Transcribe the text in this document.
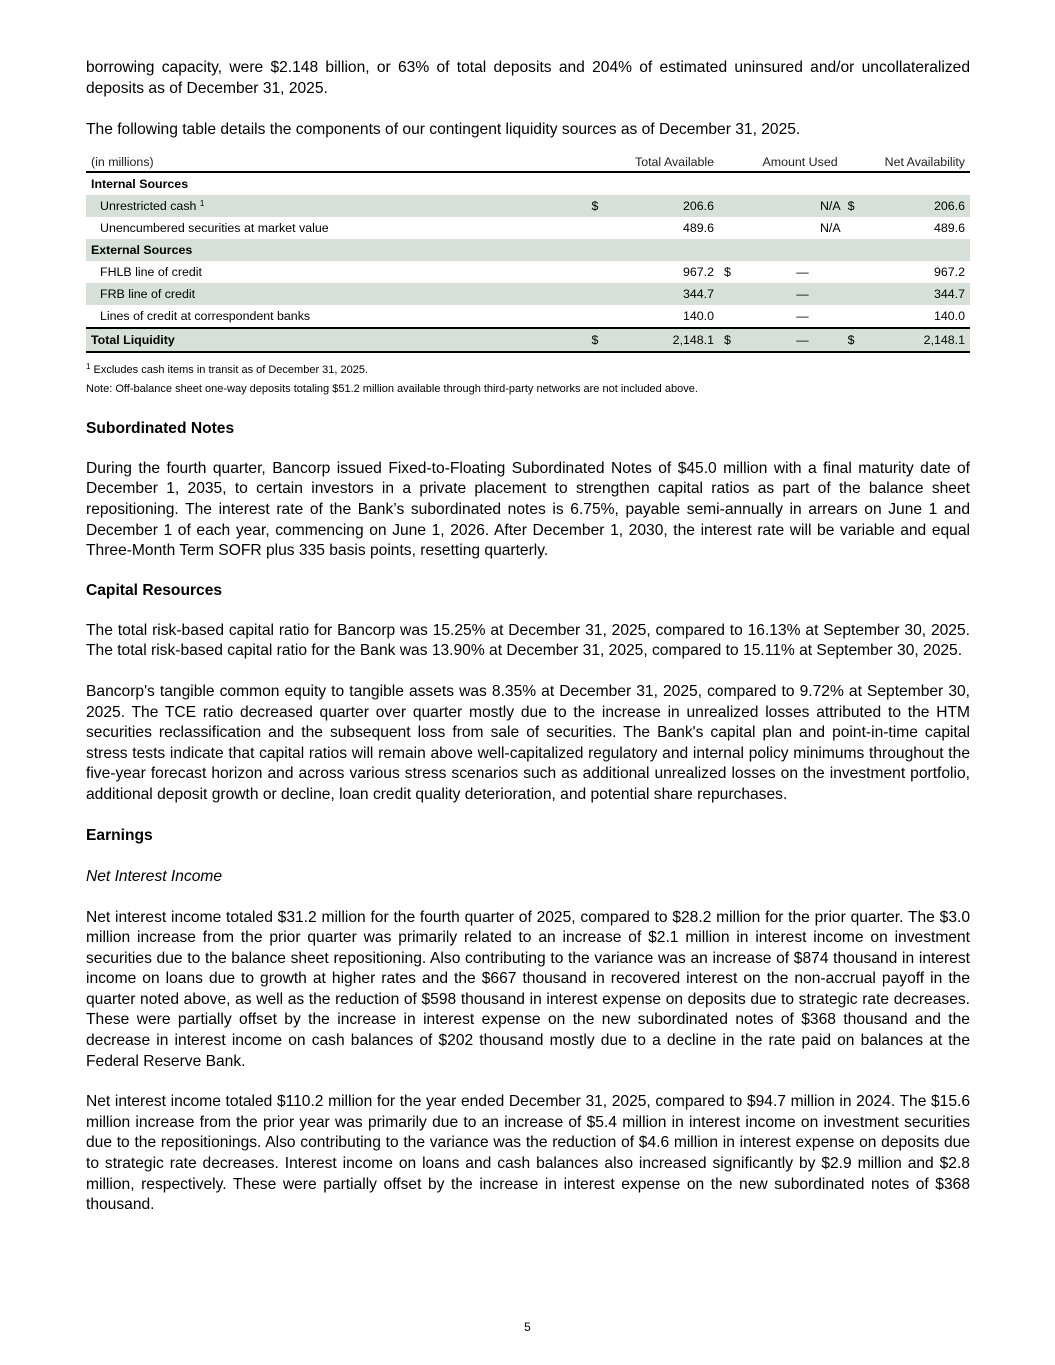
borrowing capacity, were $2.148 billion, or 63% of total deposits and 204% of estimated uninsured and/or uncollateralized deposits as of December 31, 2025.

The following table details the components of our contingent liquidity sources as of December 31, 2025.

(in millions)		Total Available		Amount Used	Net Availability	
Internal Sources						
Unrestricted cash $^1$	$	206.6		N/A	$	206.6
Unencumbered securities at market value		489.6		N/A		489.6
External Sources						
FHLB line of credit		967.2	$	—		967.2
FRB line of credit		344.7		—		344.7
Lines of credit at correspondent banks		140.0		—		140.0
Total Liquidity	$	2,148.1	$	—	$	2,148.1
$^1$ Excludes cash items in transit as of December 31, 2025.
Note: Off-balance sheet one-way deposits totaling $51.2 million available through third-party networks are not included above.
Subordinated Notes

During the fourth quarter, Bancorp issued Fixed-to-Floating Subordinated Notes of $45.0 million with a final maturity date of December 1, 2035, to certain investors in a private placement to strengthen capital ratios as part of the balance sheet repositioning. The interest rate of the Bank’s subordinated notes is 6.75%, payable semi-annually in arrears on June 1 and December 1 of each year, commencing on June 1, 2026. After December 1, 2030, the interest rate will be variable and equal Three-Month Term SOFR plus 335 basis points, resetting quarterly.

Capital Resources

The total risk-based capital ratio for Bancorp was 15.25% at December 31, 2025, compared to 16.13% at September 30, 2025. The total risk-based capital ratio for the Bank was 13.90% at December 31, 2025, compared to 15.11% at September 30, 2025.

Bancorp's tangible common equity to tangible assets was 8.35% at December 31, 2025, compared to 9.72% at September 30, 2025. The TCE ratio decreased quarter over quarter mostly due to the increase in unrealized losses attributed to the HTM securities reclassification and the subsequent loss from sale of securities. The Bank's capital plan and point-in-time capital stress tests indicate that capital ratios will remain above well-capitalized regulatory and internal policy minimums throughout the five-year forecast horizon and across various stress scenarios such as additional unrealized losses on the investment portfolio, additional deposit growth or decline, loan credit quality deterioration, and potential share repurchases.

Earnings
Net Interest Income

Net interest income totaled $31.2 million for the fourth quarter of 2025, compared to $28.2 million for the prior quarter. The $3.0 million increase from the prior quarter was primarily related to an increase of $2.1 million in interest income on investment securities due to the balance sheet repositioning. Also contributing to the variance was an increase of $874 thousand in interest income on loans due to growth at higher rates and the $667 thousand in recovered interest on the non-accrual payoff in the quarter noted above, as well as the reduction of $598 thousand in interest expense on deposits due to strategic rate decreases. These were partially offset by the increase in interest expense on the new subordinated notes of $368 thousand and the decrease in interest income on cash balances of $202 thousand mostly due to a decline in the rate paid on balances at the Federal Reserve Bank.

Net interest income totaled $110.2 million for the year ended December 31, 2025, compared to $94.7 million in 2024. The $15.6 million increase from the prior year was primarily due to an increase of $5.4 million in interest income on investment securities due to the repositionings. Also contributing to the variance was the reduction of $4.6 million in interest expense on deposits due to strategic rate decreases. Interest income on loans and cash balances also increased significantly by $2.9 million and $2.8 million, respectively. These were partially offset by the increase in interest expense on the new subordinated notes of $368 thousand.

5
